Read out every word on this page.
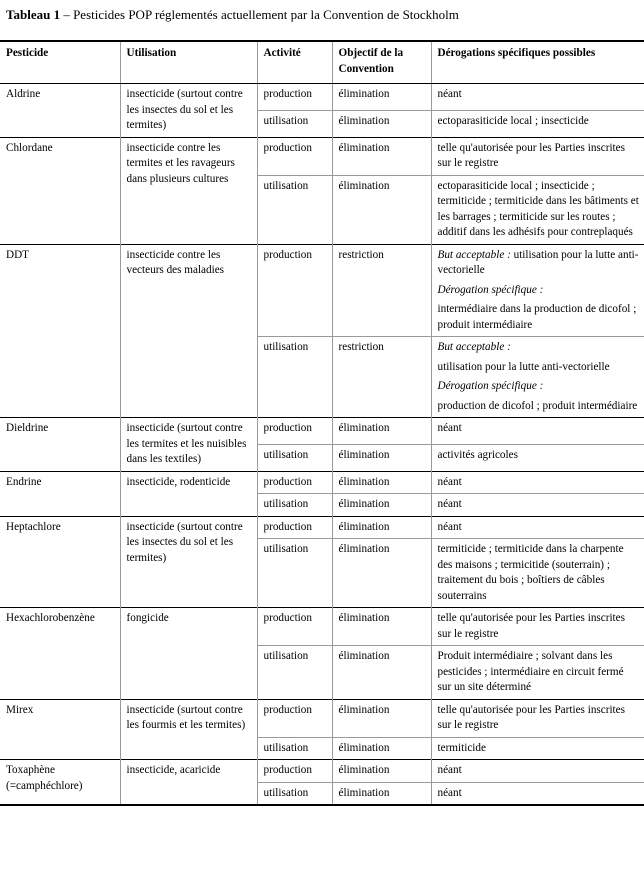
Tableau 1 – Pesticides POP réglementés actuellement par la Convention de Stockholm
Pesticide	Utilisation	Activité	Objectif de la Convention	Dérogations spécifiques possibles
Aldrine	insecticide (surtout contre les insectes du sol et les termites)	production	élimination	néant
		utilisation	élimination	ectoparasiticide local ; insecticide
Chlordane	insecticide contre les termites et les ravageurs dans plusieurs cultures	production	élimination	telle qu'autorisée pour les Parties inscrites sur le registre
		utilisation	élimination	ectoparasiticide local ; insecticide ; termiticide ; termiticide dans les bâtiments et les barrages ; termiticide sur les routes ; additif dans les adhésifs pour contreplaqués
DDT	insecticide contre les vecteurs des maladies	production	restriction	But acceptable : utilisation pour la lutte anti-vectorielle
Dérogation spécifique :
intermédiaire dans la production de dicofol ; produit intermédiaire

		utilisation	restriction	But acceptable :
utilisation pour la lutte anti-vectorielle
Dérogation spécifique :
production de dicofol ; produit intermédiaire

Dieldrine	insecticide (surtout contre les termites et les nuisibles dans les textiles)	production	élimination	néant
		utilisation	élimination	activités agricoles
Endrine	insecticide, rodenticide	production	élimination	néant
		utilisation	élimination	néant
Heptachlore	insecticide (surtout contre les insectes du sol et les termites)	production	élimination	néant
		utilisation	élimination	termiticide ; termiticide dans la charpente des maisons ; termicitide (souterrain) ; traitement du bois ; boîtiers de câbles souterrains
Hexachlorobenzène	fongicide	production	élimination	telle qu'autorisée pour les Parties inscrites sur le registre
		utilisation	élimination	Produit intermédiaire ; solvant dans les pesticides ; intermédiaire en circuit fermé sur un site déterminé
Mirex	insecticide (surtout contre les fourmis et les termites)	production	élimination	telle qu'autorisée pour les Parties inscrites sur le registre
		utilisation	élimination	termiticide
Toxaphène (=camphéchlore)	insecticide, acaricide	production	élimination	néant
		utilisation	élimination	néant
